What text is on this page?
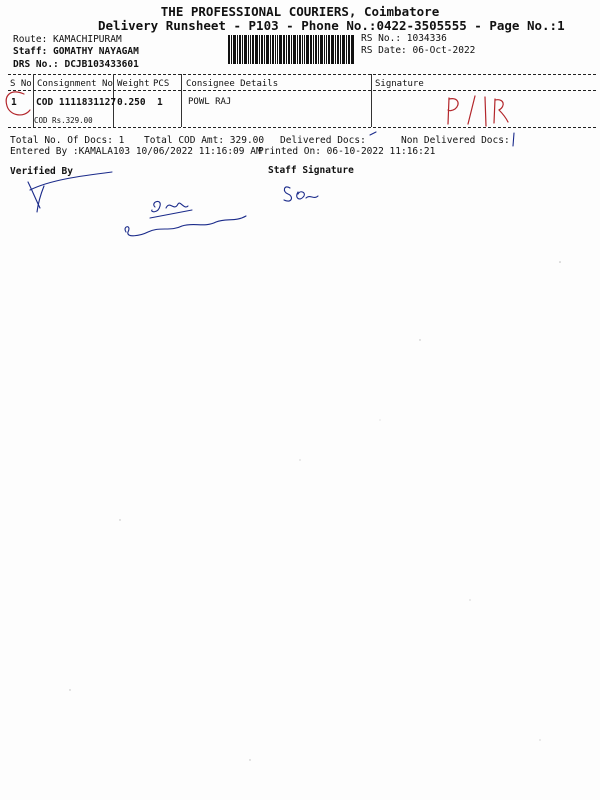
THE PROFESSIONAL COURIERS, Coimbatore
Delivery Runsheet - P103 - Phone No.:0422-3505555 - Page No.:1
Route: KAMACHIPURAM
Staff: GOMATHY NAYAGAM
DRS No.: DCJB103433601
RS No.: 1034336
RS Date: 06-Oct-2022
S No Consignment No Weight PCS Consignee Details	Signature
1 COD 1111831127 0.250 1	POWL RAJ
COD Rs.329.00
Total No. Of Docs: 1 Total COD Amt: 329.00 Delivered Docs:	Non Delivered Docs:
Entered By :KAMALA103 10/06/2022 11:16:09 AM
Printed On: 06-10-2022 11:16:21
Verified By	Staff Signature
